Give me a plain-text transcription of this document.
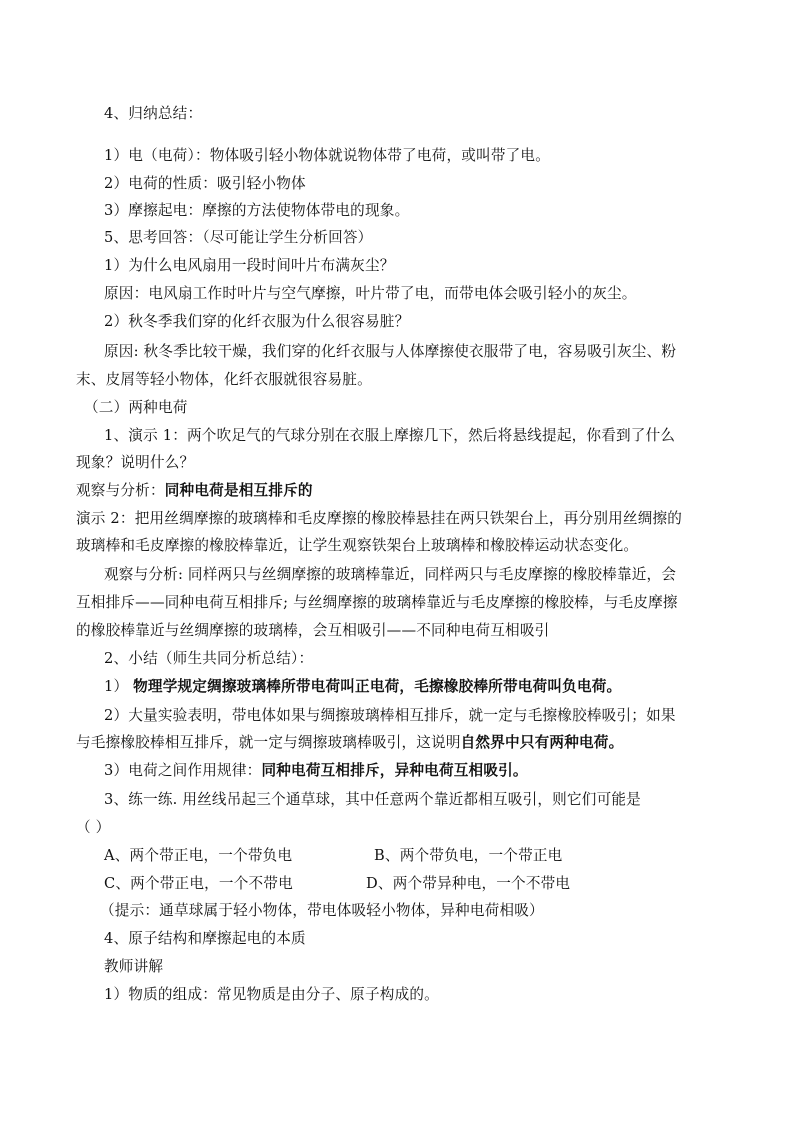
4、归纳总结：
1）电（电荷）：物体吸引轻小物体就说物体带了电荷，或叫带了电。
2）电荷的性质：吸引轻小物体
3）摩擦起电：摩擦的方法使物体带电的现象。
5、思考回答：（尽可能让学生分析回答）
1）为什么电风扇用一段时间叶片布满灰尘？
原因：电风扇工作时叶片与空气摩擦，叶片带了电，而带电体会吸引轻小的灰尘。
2）秋冬季我们穿的化纤衣服为什么很容易脏？
原因: 秋冬季比较干燥，我们穿的化纤衣服与人体摩擦使衣服带了电，容易吸引灰尘、粉
末、皮屑等轻小物体，化纤衣服就很容易脏。
（二）两种电荷
1、演示 1：两个吹足气的气球分别在衣服上摩擦几下，然后将悬线提起，你看到了什么
现象？说明什么？
观察与分析：同种电荷是相互排斥的
演示 2：把用丝绸摩擦的玻璃棒和毛皮摩擦的橡胶棒悬挂在两只铁架台上，再分别用丝绸擦的
玻璃棒和毛皮摩擦的橡胶棒靠近，让学生观察铁架台上玻璃棒和橡胶棒运动状态变化。
观察与分析: 同样两只与丝绸摩擦的玻璃棒靠近，同样两只与毛皮摩擦的橡胶棒靠近，会
互相排斥——同种电荷互相排斥; 与丝绸摩擦的玻璃棒靠近与毛皮摩擦的橡胶棒，与毛皮摩擦
的橡胶棒靠近与丝绸摩擦的玻璃棒，会互相吸引——不同种电荷互相吸引
2、小结（师生共同分析总结）：
1） 物理学规定绸擦玻璃棒所带电荷叫正电荷，毛擦橡胶棒所带电荷叫负电荷。
2）大量实验表明，带电体如果与绸擦玻璃棒相互排斥，就一定与毛擦橡胶棒吸引；如果
与毛擦橡胶棒相互排斥，就一定与绸擦玻璃棒吸引，这说明自然界中只有两种电荷。
3）电荷之间作用规律：同种电荷互相排斥，异种电荷互相吸引。
3、练一练. 用丝线吊起三个通草球，其中任意两个靠近都相互吸引，则它们可能是
（ ）
A、两个带正电，一个带负电	B、两个带负电，一个带正电
C、两个带正电，一个不带电	D、两个带异种电，一个不带电
（提示：通草球属于轻小物体，带电体吸轻小物体，异种电荷相吸）
4、原子结构和摩擦起电的本质
教师讲解
1）物质的组成：常见物质是由分子、原子构成的。
